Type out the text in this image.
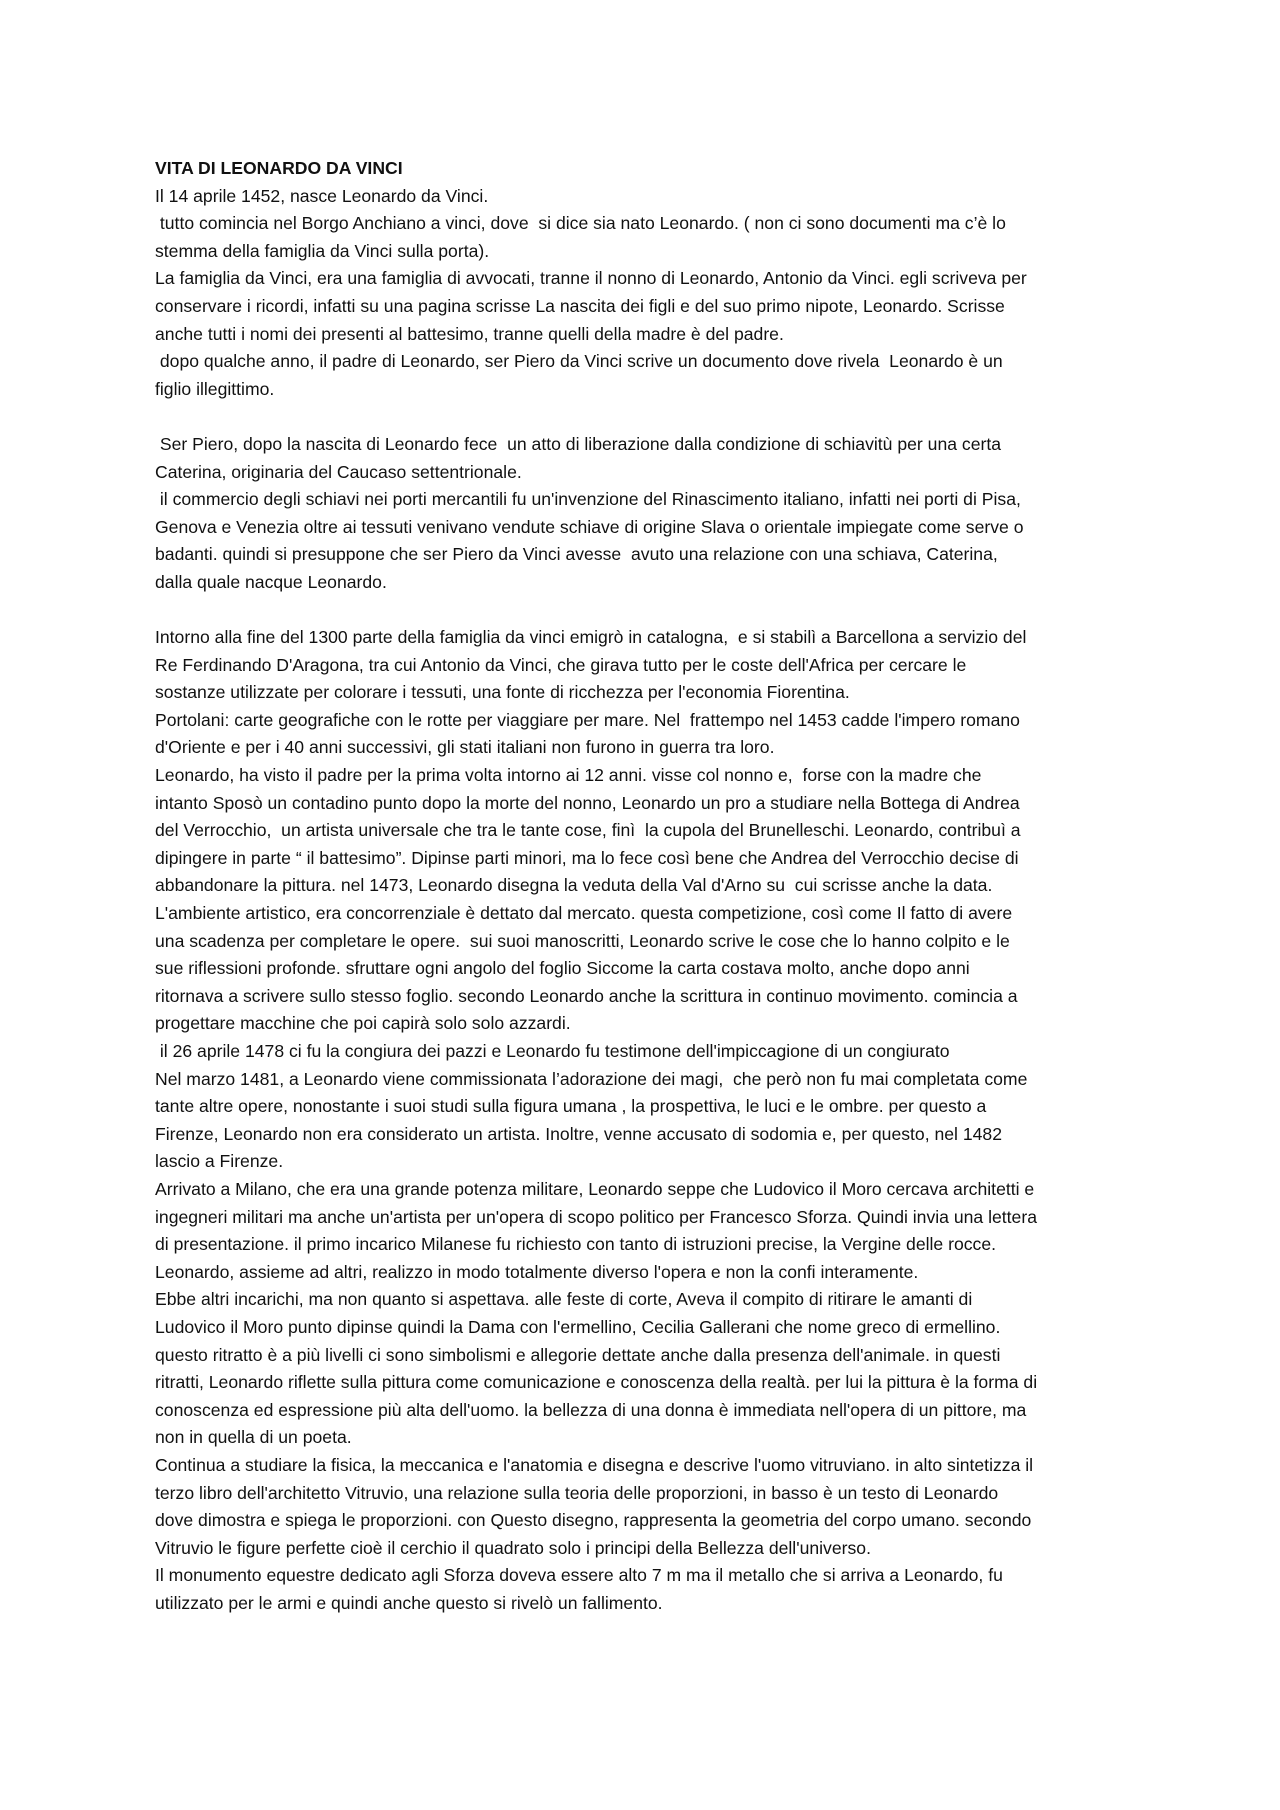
VITA DI LEONARDO DA VINCI
Il 14 aprile 1452, nasce Leonardo da Vinci.
tutto comincia nel Borgo Anchiano a vinci, dove  si dice sia nato Leonardo. ( non ci sono documenti ma c’è lo
stemma della famiglia da Vinci sulla porta).
La famiglia da Vinci, era una famiglia di avvocati, tranne il nonno di Leonardo, Antonio da Vinci. egli scriveva per
conservare i ricordi, infatti su una pagina scrisse La nascita dei figli e del suo primo nipote, Leonardo. Scrisse
anche tutti i nomi dei presenti al battesimo, tranne quelli della madre è del padre.
dopo qualche anno, il padre di Leonardo, ser Piero da Vinci scrive un documento dove rivela  Leonardo è un
figlio illegittimo.
Ser Piero, dopo la nascita di Leonardo fece  un atto di liberazione dalla condizione di schiavitù per una certa
Caterina, originaria del Caucaso settentrionale.
il commercio degli schiavi nei porti mercantili fu un'invenzione del Rinascimento italiano, infatti nei porti di Pisa,
Genova e Venezia oltre ai tessuti venivano vendute schiave di origine Slava o orientale impiegate come serve o
badanti. quindi si presuppone che ser Piero da Vinci avesse  avuto una relazione con una schiava, Caterina,
dalla quale nacque Leonardo.
Intorno alla fine del 1300 parte della famiglia da vinci emigrò in catalogna,  e si stabilì a Barcellona a servizio del
Re Ferdinando D'Aragona, tra cui Antonio da Vinci, che girava tutto per le coste dell'Africa per cercare le
sostanze utilizzate per colorare i tessuti, una fonte di ricchezza per l'economia Fiorentina.
Portolani: carte geografiche con le rotte per viaggiare per mare. Nel  frattempo nel 1453 cadde l'impero romano
d'Oriente e per i 40 anni successivi, gli stati italiani non furono in guerra tra loro.
Leonardo, ha visto il padre per la prima volta intorno ai 12 anni. visse col nonno e,  forse con la madre che
intanto Sposò un contadino punto dopo la morte del nonno, Leonardo un pro a studiare nella Bottega di Andrea
del Verrocchio,  un artista universale che tra le tante cose, finì  la cupola del Brunelleschi. Leonardo, contribuì a
dipingere in parte “ il battesimo”. Dipinse parti minori, ma lo fece così bene che Andrea del Verrocchio decise di
abbandonare la pittura. nel 1473, Leonardo disegna la veduta della Val d'Arno su  cui scrisse anche la data.
L'ambiente artistico, era concorrenziale è dettato dal mercato. questa competizione, così come Il fatto di avere
una scadenza per completare le opere.  sui suoi manoscritti, Leonardo scrive le cose che lo hanno colpito e le
sue riflessioni profonde. sfruttare ogni angolo del foglio Siccome la carta costava molto, anche dopo anni
ritornava a scrivere sullo stesso foglio. secondo Leonardo anche la scrittura in continuo movimento. comincia a
progettare macchine che poi capirà solo solo azzardi.
il 26 aprile 1478 ci fu la congiura dei pazzi e Leonardo fu testimone dell'impiccagione di un congiurato
Nel marzo 1481, a Leonardo viene commissionata l’adorazione dei magi,  che però non fu mai completata come
tante altre opere, nonostante i suoi studi sulla figura umana , la prospettiva, le luci e le ombre. per questo a
Firenze, Leonardo non era considerato un artista. Inoltre, venne accusato di sodomia e, per questo, nel 1482
lascio a Firenze.
Arrivato a Milano, che era una grande potenza militare, Leonardo seppe che Ludovico il Moro cercava architetti e
ingegneri militari ma anche un'artista per un'opera di scopo politico per Francesco Sforza. Quindi invia una lettera
di presentazione. il primo incarico Milanese fu richiesto con tanto di istruzioni precise, la Vergine delle rocce.
Leonardo, assieme ad altri, realizzo in modo totalmente diverso l'opera e non la confi interamente.
Ebbe altri incarichi, ma non quanto si aspettava. alle feste di corte, Aveva il compito di ritirare le amanti di
Ludovico il Moro punto dipinse quindi la Dama con l'ermellino, Cecilia Gallerani che nome greco di ermellino.
questo ritratto è a più livelli ci sono simbolismi e allegorie dettate anche dalla presenza dell'animale. in questi
ritratti, Leonardo riflette sulla pittura come comunicazione e conoscenza della realtà. per lui la pittura è la forma di
conoscenza ed espressione più alta dell'uomo. la bellezza di una donna è immediata nell'opera di un pittore, ma
non in quella di un poeta.
Continua a studiare la fisica, la meccanica e l'anatomia e disegna e descrive l'uomo vitruviano. in alto sintetizza il
terzo libro dell'architetto Vitruvio, una relazione sulla teoria delle proporzioni, in basso è un testo di Leonardo
dove dimostra e spiega le proporzioni. con Questo disegno, rappresenta la geometria del corpo umano. secondo
Vitruvio le figure perfette cioè il cerchio il quadrato solo i principi della Bellezza dell'universo.
Il monumento equestre dedicato agli Sforza doveva essere alto 7 m ma il metallo che si arriva a Leonardo, fu
utilizzato per le armi e quindi anche questo si rivelò un fallimento.
